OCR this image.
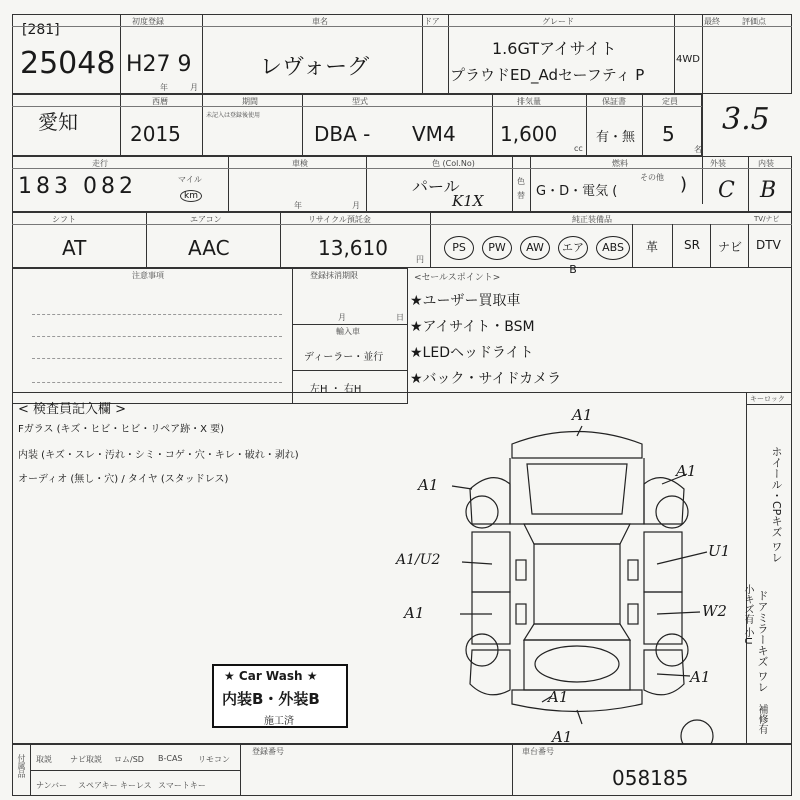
[281]
25048
初度登録
H27 9
年	月
車名
レヴォーグ
ドア	グレード
1.6GTアイサイト
プラウドED_Adセーフティ P
4WD
最終	評価点
3.5
愛知
西暦
2015
期間
未記入は登録後使用
型式
DBA - VM4
排気量
1,600
cc
保証書
有・無
定員
5
名
走行
183 082	マイル
km
車検
年	月
色 (Col.No)
パール
K1X
色
替
燃料
G・D・電気 (
その他 )
外装
C
内装
B
シフト
AT
エアコン
AAC
リサイクル預託金
13,610	円
純正装備品	TV/ナビ
PS	PW	AW	エアB
ABS	革 SR ナビ DTV
注意事項	登録抹消期限
月	日
輸入車
ディーラー・並行
左H ・ 右H
<セールスポイント>
★ユーザー買取車
★アイサイト・BSM
★LEDヘッドライト
★バック・サイドカメラ
< 検査員記入欄 >
Fガラス (キズ・ヒビ・ヒビ・リペア跡・X 要)
内装 (キズ・スレ・汚れ・シミ・コゲ・穴・キレ・破れ・剥れ)
オーディオ (無し・穴) / タイヤ (スタッドレス)
★ Car Wash ★
内装B・外装B
施工済
A1
A1
A1
A1/U2	U1
A1	W2
A1
A1
A1
キーロック
ホイール・CPキズ ワレ
ドアミラーキズ ワレ
小キズ有 小U
補修有
付属品 取説 ナビ取説 ロム/SD B-CAS リモコン
ナンバー スペアキー キーレス スマートキー
登録番号	車台番号
058185
